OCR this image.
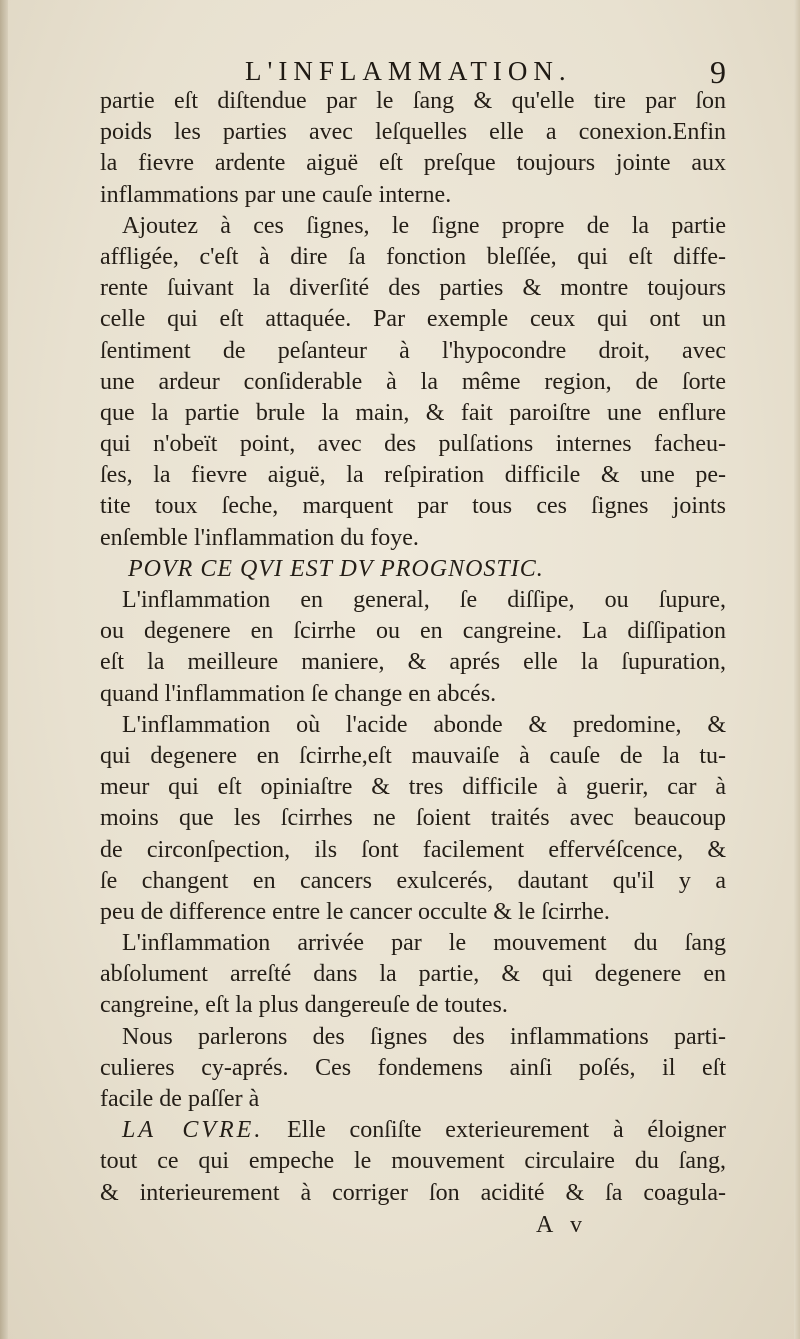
L'INFLAMMATION.	9
partie eſt diſtendue par le ſang & qu'elle tire par ſon
poids les parties avec leſquelles elle a conexion.Enfin
la fievre ardente aiguë eſt preſque toujours jointe aux
inflammations par une cauſe interne.
Ajoutez à ces ſignes, le ſigne propre de la partie
affligée, c'eſt à dire ſa fonction bleſſée, qui eſt diffe-
rente ſuivant la diverſité des parties & montre toujours
celle qui eſt attaquée. Par exemple ceux qui ont un
ſentiment de peſanteur à l'hypocondre droit, avec
une ardeur conſiderable à la même region, de ſorte
que la partie brule la main, & fait paroiſtre une enflure
qui n'obeït point, avec des pulſations internes facheu-
ſes, la fievre aiguë, la reſpiration difficile & une pe-
tite toux ſeche, marquent par tous ces ſignes joints
enſemble l'inflammation du foye.
POVR CE QVI EST DV PROGNOSTIC.
L'inflammation en general, ſe diſſipe, ou ſupure,
ou degenere en ſcirrhe ou en cangreine. La diſſipation
eſt la meilleure maniere, & aprés elle la ſupuration,
quand l'inflammation ſe change en abcés.
L'inflammation où l'acide abonde & predomine, &
qui degenere en ſcirrhe,eſt mauvaiſe à cauſe de la tu-
meur qui eſt opiniaſtre & tres difficile à guerir, car à
moins que les ſcirrhes ne ſoient traités avec beaucoup
de circonſpection, ils ſont facilement effervéſcence, &
ſe changent en cancers exulcerés, dautant qu'il y a
peu de difference entre le cancer occulte & le ſcirrhe.
L'inflammation arrivée par le mouvement du ſang
abſolument arreſté dans la partie, & qui degenere en
cangreine, eſt la plus dangereuſe de toutes.
Nous parlerons des ſignes des inflammations parti-
culieres cy-aprés. Ces fondemens ainſi poſés, il eſt
facile de paſſer à
LA CVRE. Elle conſiſte exterieurement à éloigner
tout ce qui empeche le mouvement circulaire du ſang,
& interieurement à corriger ſon acidité & ſa coagula-
A v
